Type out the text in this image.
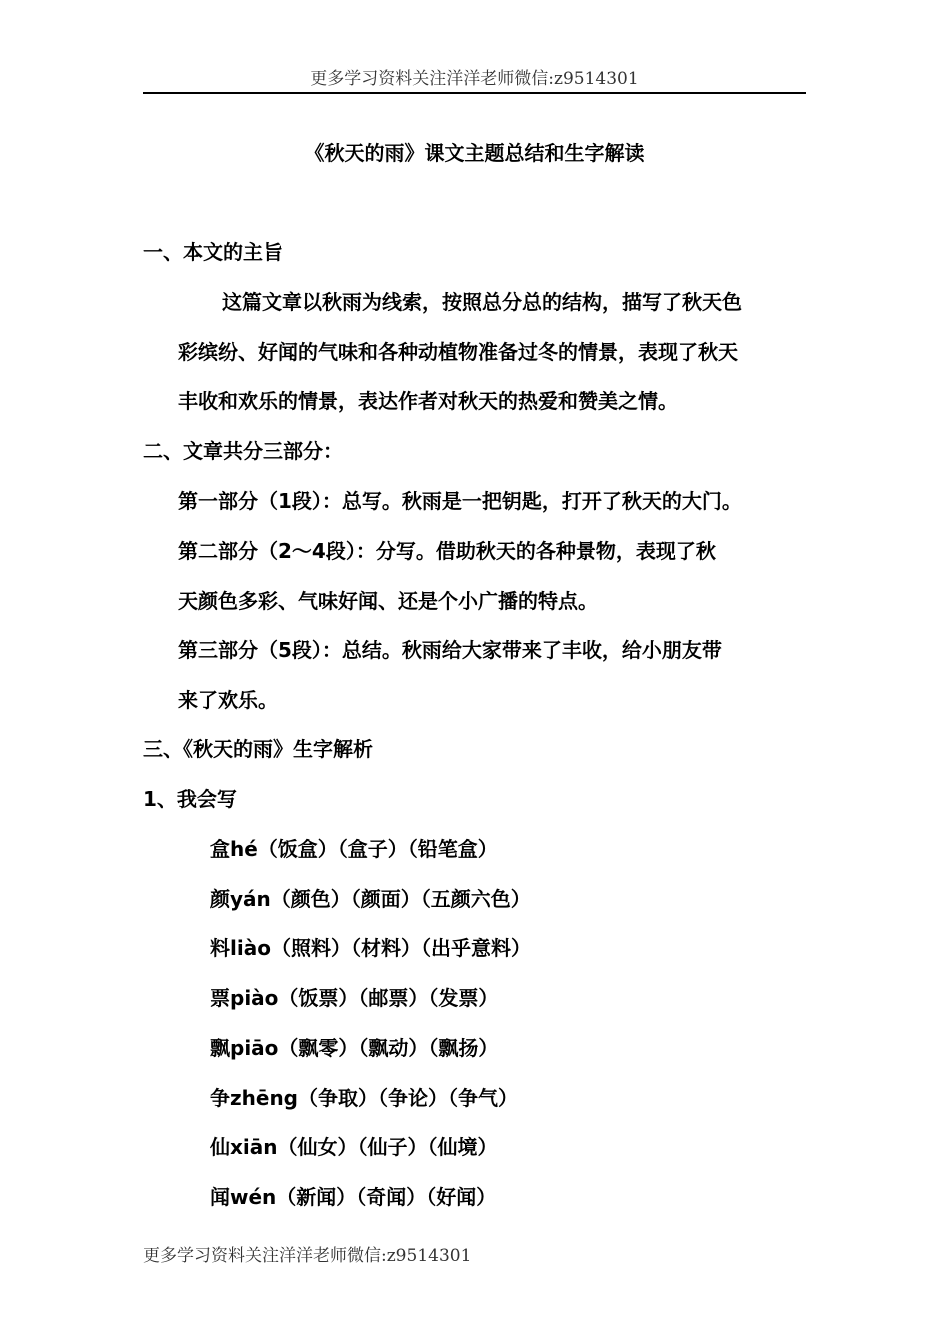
更多学习资料关注洋洋老师微信:z9514301
《秋天的雨》课文主题总结和生字解读
一、本文的主旨
这篇文章以秋雨为线索，按照总分总的结构，描写了秋天色
彩缤纷、好闻的气味和各种动植物准备过冬的情景，表现了秋天
丰收和欢乐的情景，表达作者对秋天的热爱和赞美之情。
二、文章共分三部分：
第一部分（1段）：总写。秋雨是一把钥匙，打开了秋天的大门。
第二部分（2～4段）：分写。借助秋天的各种景物，表现了秋
天颜色多彩、气味好闻、还是个小广播的特点。
第三部分（5段）：总结。秋雨给大家带来了丰收，给小朋友带
来了欢乐。
三、《秋天的雨》生字解析
1、我会写
盒hé（饭盒）（盒子）（铅笔盒）
颜yán（颜色）（颜面）（五颜六色）
料liào（照料）（材料）（出乎意料）
票piào（饭票）（邮票）（发票）
飘piāo（飘零）（飘动）（飘扬）
争zhēng（争取）（争论）（争气）
仙xiān（仙女）（仙子）（仙境）
闻wén（新闻）（奇闻）（好闻）
更多学习资料关注洋洋老师微信:z9514301
